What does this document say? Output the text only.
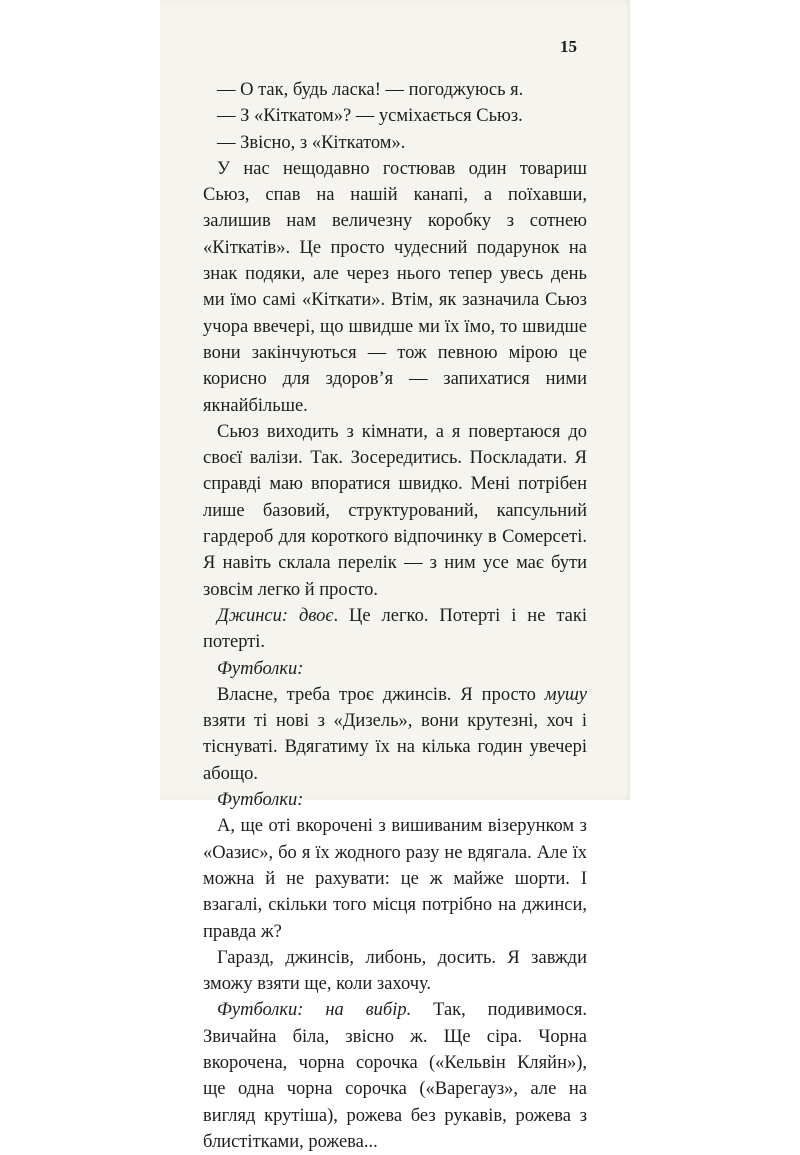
15

— О так, будь ласка! — погоджуюсь я.

— З «Кіткатом»? — усміхається Сьюз.

— Звісно, з «Кіткатом».

У нас нещодавно гостював один товариш Сьюз, спав на нашій канапі, а поїхавши, залишив нам величезну коробку з сотнею «Кіткатів». Це просто чудесний подарунок на знак подяки, але через нього тепер увесь день ми їмо самі «Кіткати». Втім, як зазначила Сьюз учора ввечері, що швидше ми їх їмо, то швидше вони закінчуються — тож певною мірою це корисно для здоров’я — запихатися ними якнайбільше.

Сьюз виходить з кімнати, а я повертаюся до своєї валізи. Так. Зосередитись. Поскладати. Я справді маю впоратися швидко. Мені потрібен лише базовий, структурований, капсульний гардероб для короткого відпочинку в Сомерсеті. Я навіть склала перелік — з ним усе має бути зовсім легко й просто.

Джинси: двоє. Це легко. Потерті і не такі потерті.

Футболки:

Власне, треба троє джинсів. Я просто мушу взяти ті нові з «Дизель», вони крутезні, хоч і тіснуваті. Вдягатиму їх на кілька годин увечері абощо.

Футболки:

А, ще оті вкорочені з вишиваним візерунком з «Оазис», бо я їх жодного разу не вдягала. Але їх можна й не рахувати: це ж майже шорти. І взагалі, скільки того місця потрібно на джинси, правда ж?

Гаразд, джинсів, либонь, досить. Я завжди зможу взяти ще, коли захочу.

Футболки: на вибір. Так, подивимося. Звичайна біла, звісно ж. Ще сіра. Чорна вкорочена, чорна сорочка («Кельвін Кляйн»), ще одна чорна сорочка («Варегауз», але на вигляд крутіша), рожева без рукавів, рожева з блистітками, рожева...
